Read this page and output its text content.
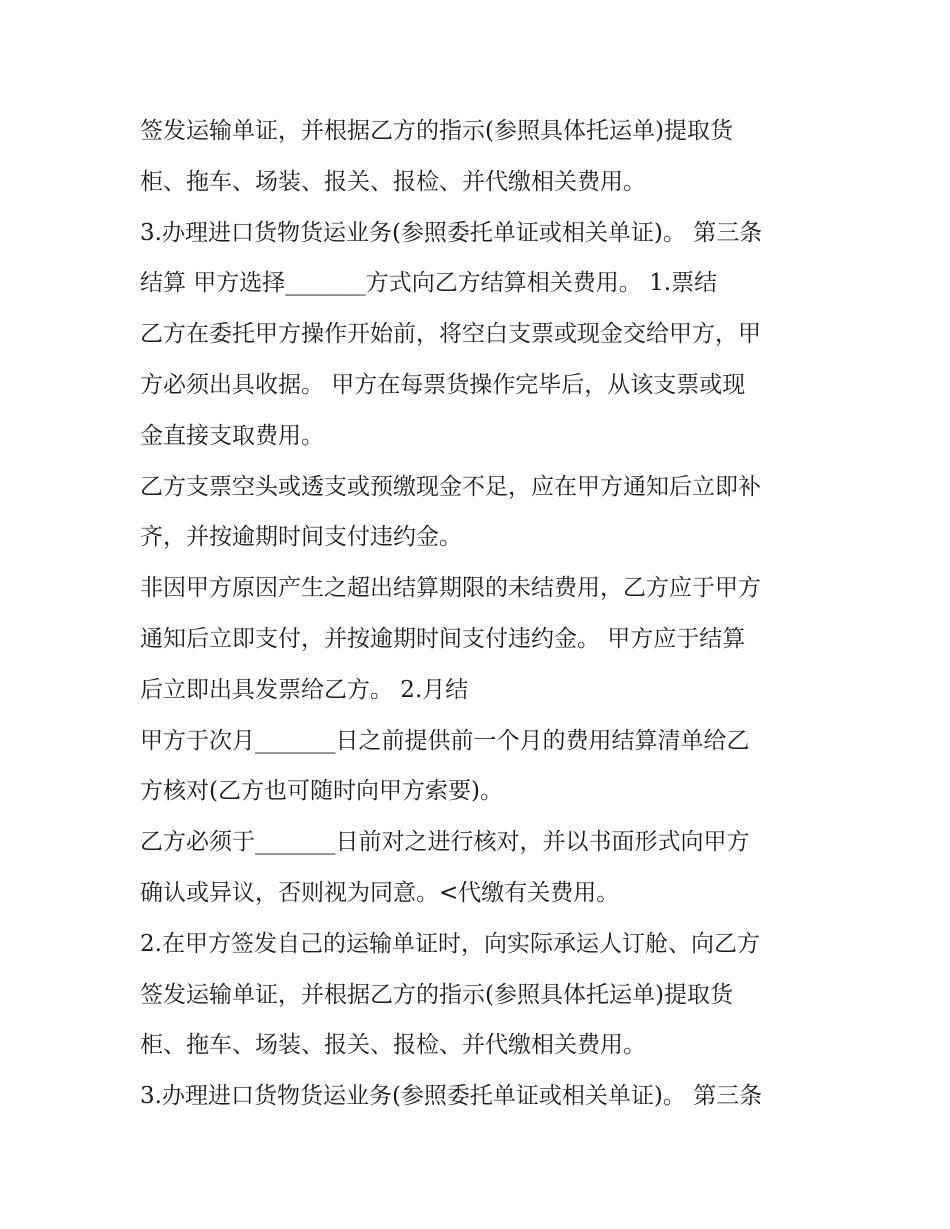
签发运输单证，并根据乙方的指示(参照具体托运单)提取货
柜、拖车、场装、报关、报检、并代缴相关费用。
3.办理进口货物货运业务(参照委托单证或相关单证)。 第三条
结算 甲方选择_______方式向乙方结算相关费用。 1.票结
乙方在委托甲方操作开始前，将空白支票或现金交给甲方，甲
方必须出具收据。 甲方在每票货操作完毕后，从该支票或现
金直接支取费用。
乙方支票空头或透支或预缴现金不足，应在甲方通知后立即补
齐，并按逾期时间支付违约金。
非因甲方原因产生之超出结算期限的未结费用，乙方应于甲方
通知后立即支付，并按逾期时间支付违约金。 甲方应于结算
后立即出具发票给乙方。 2.月结
甲方于次月_______日之前提供前一个月的费用结算清单给乙
方核对(乙方也可随时向甲方索要)。
乙方必须于_______日前对之进行核对，并以书面形式向甲方
确认或异议，否则视为同意。<代缴有关费用。
2.在甲方签发自己的运输单证时，向实际承运人订舱、向乙方
签发运输单证，并根据乙方的指示(参照具体托运单)提取货
柜、拖车、场装、报关、报检、并代缴相关费用。
3.办理进口货物货运业务(参照委托单证或相关单证)。 第三条
